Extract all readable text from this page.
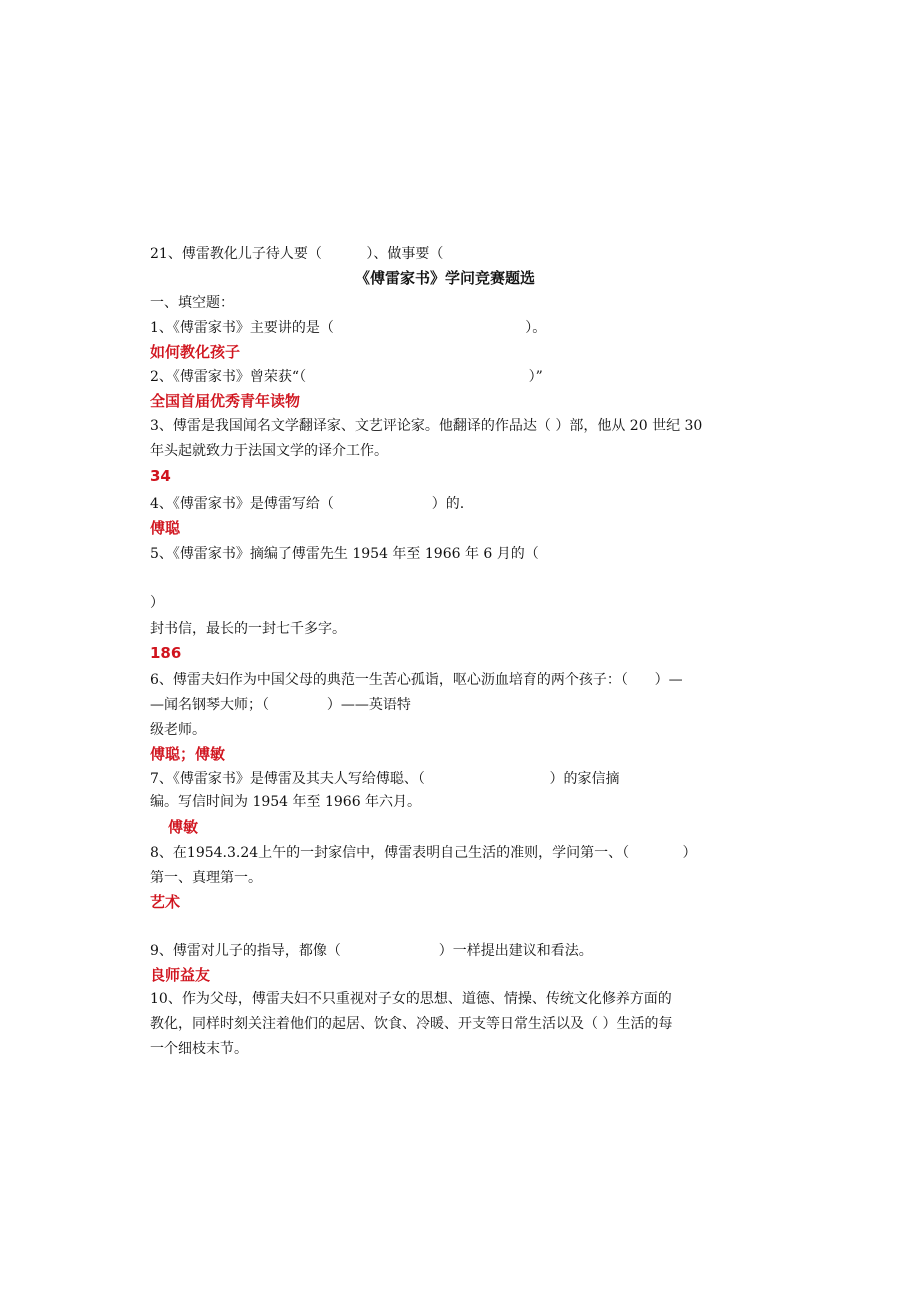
21、傅雷教化儿子待人要（          ）、做事要（
《傅雷家书》学问竞赛题选
一、填空题：
1、《傅雷家书》主要讲的是（                                           ）。
如何教化孩子
2、《傅雷家书》曾荣获“（                                                  ）”
全国首届优秀青年读物
3、傅雷是我国闻名文学翻译家、文艺评论家。他翻译的作品达（ ）部，他从 20 世纪 30
年头起就致力于法国文学的译介工作。
34
4、《傅雷家书》是傅雷写给（                      ）的.
傅聪
5、《傅雷家书》摘编了傅雷先生 1954 年至 1966 年 6 月的（
）
封书信，最长的一封七千多字。
186
6、傅雷夫妇作为中国父母的典范一生苦心孤诣，呕心沥血培育的两个孩子：（      ）—
—闻名钢琴大师；（             ）——英语特
级老师。
傅聪；傅敏
7、《傅雷家书》是傅雷及其夫人写给傅聪、（                            ）的家信摘
编。写信时间为 1954 年至 1966 年六月。
傅敏
8、在1954.3.24上午的一封家信中，傅雷表明自己生活的准则，学问第一、（            ）
第一、真理第一。
艺术
9、傅雷对儿子的指导，都像（                      ）一样提出建议和看法。
良师益友
10、作为父母，傅雷夫妇不只重视对子女的思想、道德、情操、传统文化修养方面的
教化，同样时刻关注着他们的起居、饮食、冷暖、开支等日常生活以及（ ）生活的每
一个细枝末节。
